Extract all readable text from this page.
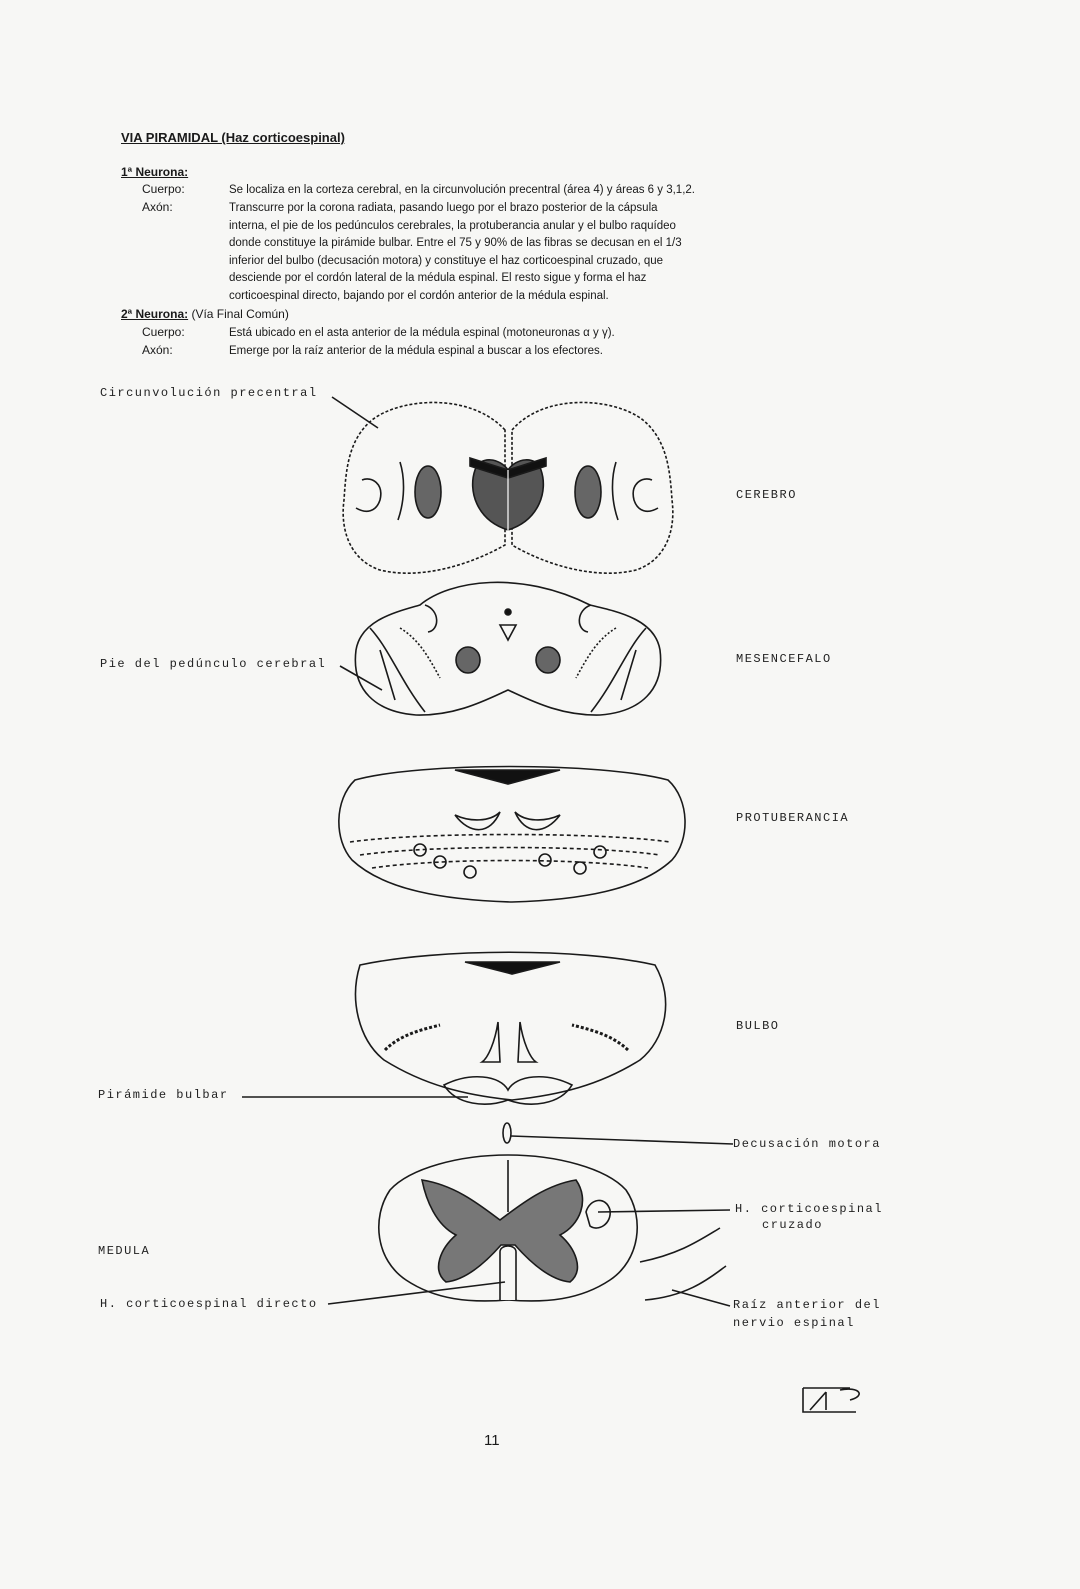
VIA PIRAMIDAL (Haz corticoespinal)
1ª Neurona:
Cuerpo:	Se localiza en la corteza cerebral, en la circunvolución precentral (área 4) y áreas 6 y 3,1,2.
Axón:	Transcurre por la corona radiata, pasando luego por el brazo posterior de la cápsula
interna, el pie de los pedúnculos cerebrales, la protuberancia anular y el bulbo raquídeo
donde constituye la pirámide bulbar. Entre el 75 y 90% de las fibras se decusan en el 1/3
inferior del bulbo (decusación motora) y constituye el haz corticoespinal cruzado, que
desciende por el cordón lateral de la médula espinal. El resto sigue y forma el haz
corticoespinal directo, bajando por el cordón anterior de la médula espinal.
2ª Neurona: (Vía Final Común)
Cuerpo:	Está ubicado en el asta anterior de la médula espinal (motoneuronas α y γ).
Axón:	Emerge por la raíz anterior de la médula espinal a buscar a los efectores.
Circunvolución precentral
CEREBRO
Pie del pedúnculo cerebral	MESENCEFALO
PROTUBERANCIA
BULBO
Pirámide bulbar
Decusación motora
H. corticoespinal
cruzado
MEDULA
H. corticoespinal directo	Raíz anterior del
nervio espinal
11
